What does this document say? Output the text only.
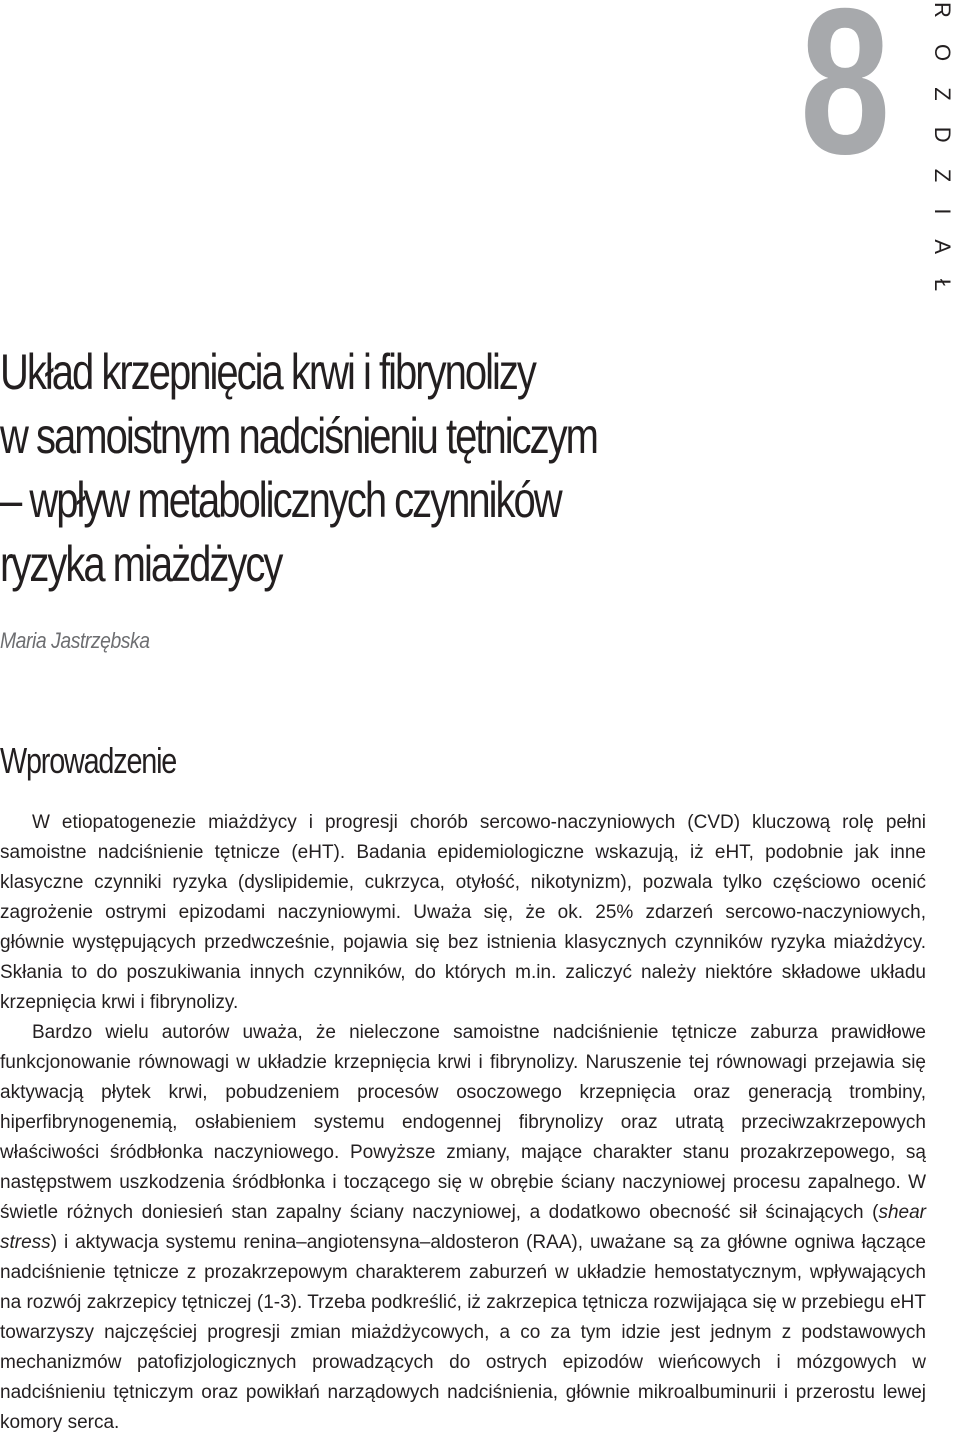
8 R O Z D Z I A Ł
Układ krzepnięcia krwi i fibrynolizy
w samoistnym nadciśnieniu tętniczym
– wpływ metabolicznych czynników
ryzyka miażdżycy
Maria Jastrzębska
Wprowadzenie

W etiopatogenezie miażdżycy i progresji chorób sercowo-naczyniowych (CVD) kluczową rolę pełni samoistne nadciśnienie tętnicze (eHT). Badania epidemiologiczne wskazują, iż eHT, podobnie jak inne klasyczne czynniki ryzyka (dyslipidemie, cukrzyca, otyłość, nikotynizm), pozwala tylko częściowo ocenić zagrożenie ostrymi epizodami naczyniowymi. Uważa się, że ok. 25% zdarzeń sercowo-naczyniowych, głównie występujących przedwcześnie, pojawia się bez istnienia klasycznych czynników ryzyka miażdżycy. Skłania to do poszukiwania innych czynników, do których m.in. zaliczyć należy niektóre składowe układu krzepnięcia krwi i fibrynolizy.

Bardzo wielu autorów uważa, że nieleczone samoistne nadciśnienie tętnicze zaburza prawidłowe funkcjonowanie równowagi w układzie krzepnięcia krwi i fibrynolizy. Naruszenie tej równowagi przejawia się aktywacją płytek krwi, pobudzeniem procesów osoczowego krzepnięcia oraz generacją trombiny, hiperfibrynogenemią, osłabieniem systemu endogennej fibrynolizy oraz utratą przeciwzakrzepowych właściwości śródbłonka naczyniowego. Powyższe zmiany, mające charakter stanu prozakrzepowego, są następstwem uszkodzenia śródbłonka i toczącego się w obrębie ściany naczyniowej procesu zapalnego. W świetle różnych doniesień stan zapalny ściany naczyniowej, a dodatkowo obecność sił ścinających (shear stress) i aktywacja systemu renina–angiotensyna–aldosteron (RAA), uważane są za główne ogniwa łączące nadciśnienie tętnicze z prozakrzepowym charakterem zaburzeń w układzie hemostatycznym, wpływających na rozwój zakrzepicy tętniczej (1-3). Trzeba podkreślić, iż zakrzepica tętnicza rozwijająca się w przebiegu eHT towarzyszy najczęściej progresji zmian miażdżycowych, a co za tym idzie jest jednym z podstawowych mechanizmów patofizjologicznych prowadzących do ostrych epizodów wieńcowych i mózgowych w nadciśnieniu tętniczym oraz powikłań narządowych nadciśnienia, głównie mikroalbuminurii i przerostu lewej komory serca.
